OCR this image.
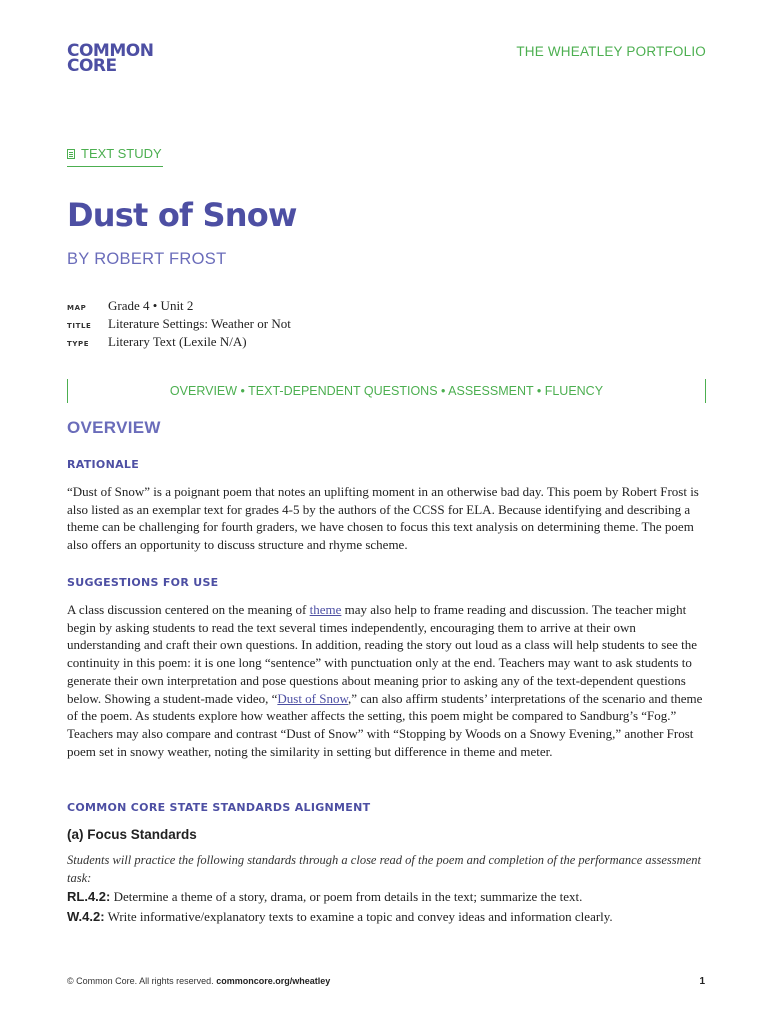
COMMON
CORE
THE WHEATLEY PORTFOLIO
TEXT STUDY
Dust of Snow
BY ROBERT FROST
MAP	Grade 4 • Unit 2
TITLE	Literature Settings: Weather or Not
TYPE	Literary Text (Lexile N/A)
OVERVIEW • TEXT-DEPENDENT QUESTIONS • ASSESSMENT • FLUENCY
OVERVIEW
RATIONALE

“Dust of Snow” is a poignant poem that notes an uplifting moment in an otherwise bad day. This poem by Robert Frost is also listed as an exemplar text for grades 4-5 by the authors of the CCSS for ELA. Because identifying and describing a theme can be challenging for fourth graders, we have chosen to focus this text analysis on determining theme. The poem also offers an opportunity to discuss structure and rhyme scheme.

SUGGESTIONS FOR USE

A class discussion centered on the meaning of theme may also help to frame reading and discussion. The teacher might begin by asking students to read the text several times independently, encouraging them to arrive at their own understanding and craft their own questions. In addition, reading the story out loud as a class will help students to see the continuity in this poem: it is one long “sentence” with punctuation only at the end. Teachers may want to ask students to generate their own interpretation and pose questions about meaning prior to asking any of the text-dependent questions below. Showing a student-made video, “Dust of Snow,” can also affirm students’ interpretations of the scenario and theme of the poem. As students explore how weather affects the setting, this poem might be compared to Sandburg’s “Fog.” Teachers may also compare and contrast “Dust of Snow” with “Stopping by Woods on a Snowy Evening,” another Frost poem set in snowy weather, noting the similarity in setting but difference in theme and meter.

COMMON CORE STATE STANDARDS ALIGNMENT
(a) Focus Standards

Students will practice the following standards through a close read of the poem and completion of the performance assessment task:

RL.4.2: Determine a theme of a story, drama, or poem from details in the text; summarize the text.
W.4.2: Write informative/explanatory texts to examine a topic and convey ideas and information clearly.
© Common Core. All rights reserved. commoncore.org/wheatley	1
